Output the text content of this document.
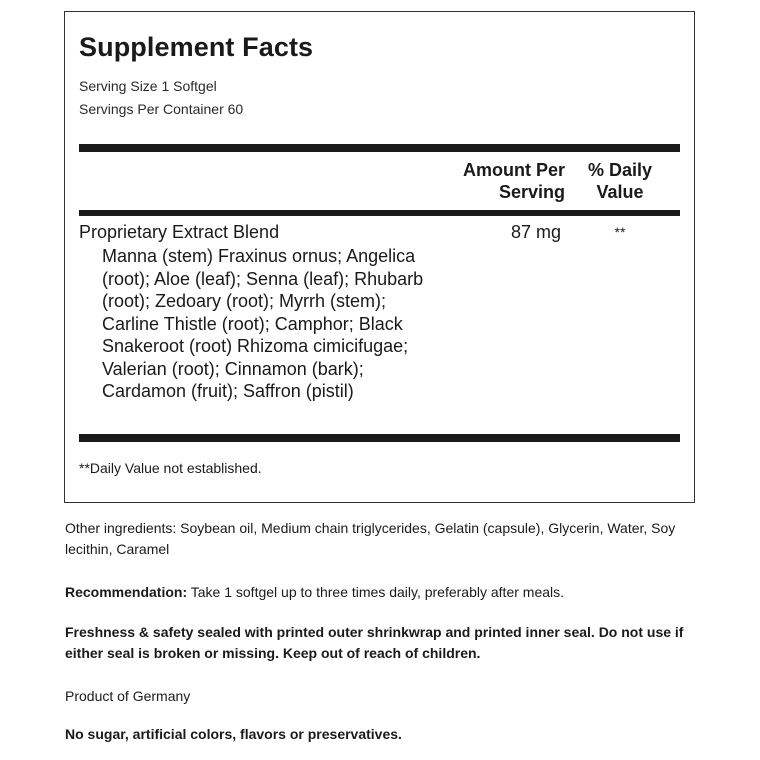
Supplement Facts
Serving Size 1 Softgel
Servings Per Container 60
Amount Per
Serving
% Daily
Value
Proprietary Extract Blend	87 mg	**
Manna (stem) Fraxinus ornus; Angelica (root); Aloe (leaf); Senna (leaf); Rhubarb (root); Zedoary (root); Myrrh (stem); Carline Thistle (root); Camphor; Black Snakeroot (root) Rhizoma cimicifugae; Valerian (root); Cinnamon (bark); Cardamon (fruit); Saffron (pistil)
**Daily Value not established.
Other ingredients: Soybean oil, Medium chain triglycerides, Gelatin (capsule), Glycerin, Water, Soy lecithin, Caramel
Recommendation: Take 1 softgel up to three times daily, preferably after meals.
Freshness & safety sealed with printed outer shrinkwrap and printed inner seal. Do not use if either seal is broken or missing. Keep out of reach of children.
Product of Germany
No sugar, artificial colors, flavors or preservatives.
